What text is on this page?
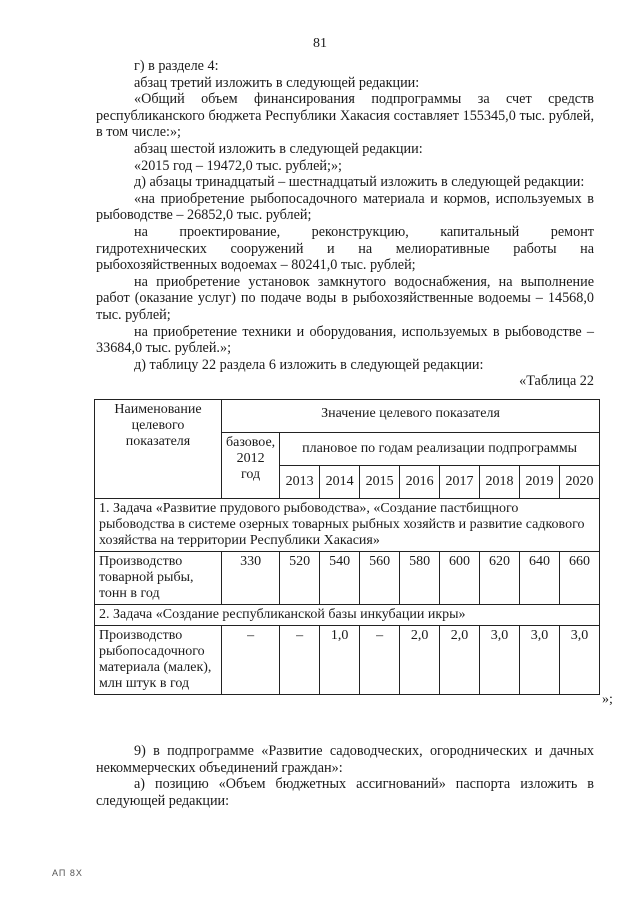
81

г) в разделе 4:

абзац третий изложить в следующей редакции:

«Общий объем финансирования подпрограммы за счет средств

республиканского бюджета Республики Хакасия составляет 155345,0 тыс. рублей, в том числе:»;

абзац шестой изложить в следующей редакции:

«2015 год – 19472,0 тыс. рублей;»;

д) абзацы тринадцатый – шестнадцатый изложить в следующей редакции:

«на приобретение рыбопосадочного материала и кормов, используемых в рыбоводстве – 26852,0 тыс. рублей;

на проектирование, реконструкцию, капитальный ремонт гидротехнических сооружений и на мелиоративные работы на рыбохозяйственных водоемах – 80241,0 тыс. рублей;

на приобретение установок замкнутого водоснабжения, на выполнение работ (оказание услуг) по подаче воды в рыбохозяйственные водоемы – 14568,0 тыс. рублей;

на приобретение техники и оборудования, используемых в рыбоводстве – 33684,0 тыс. рублей.»;

д) таблицу 22 раздела 6 изложить в следующей редакции:

«Таблица 22

Наименование целевого показателя	Значение целевого показателя								
	базовое, 2012 год	плановое по годам реализации подпрограммы							
		2013	2014	2015	2016	2017	2018	2019	2020
1. Задача «Развитие прудового рыбоводства», «Создание пастбищного рыбоводства в системе озерных товарных рыбных хозяйств и развитие садкового хозяйства на территории Республики Хакасия»									
Производство товарной рыбы, тонн в год	330	520	540	560	580	600	620	640	660
2. Задача «Создание республиканской базы инкубации икры»									
Производство рыбопосадочного материала (малек), млн штук в год	–	–	1,0	–	2,0	2,0	3,0	3,0	3,0
»;

9) в подпрограмме «Развитие садоводческих, огороднических и дачных некоммерческих объединений граждан»:

а) позицию «Объем бюджетных ассигнований» паспорта изложить в следующей редакции:

АП 8Х
